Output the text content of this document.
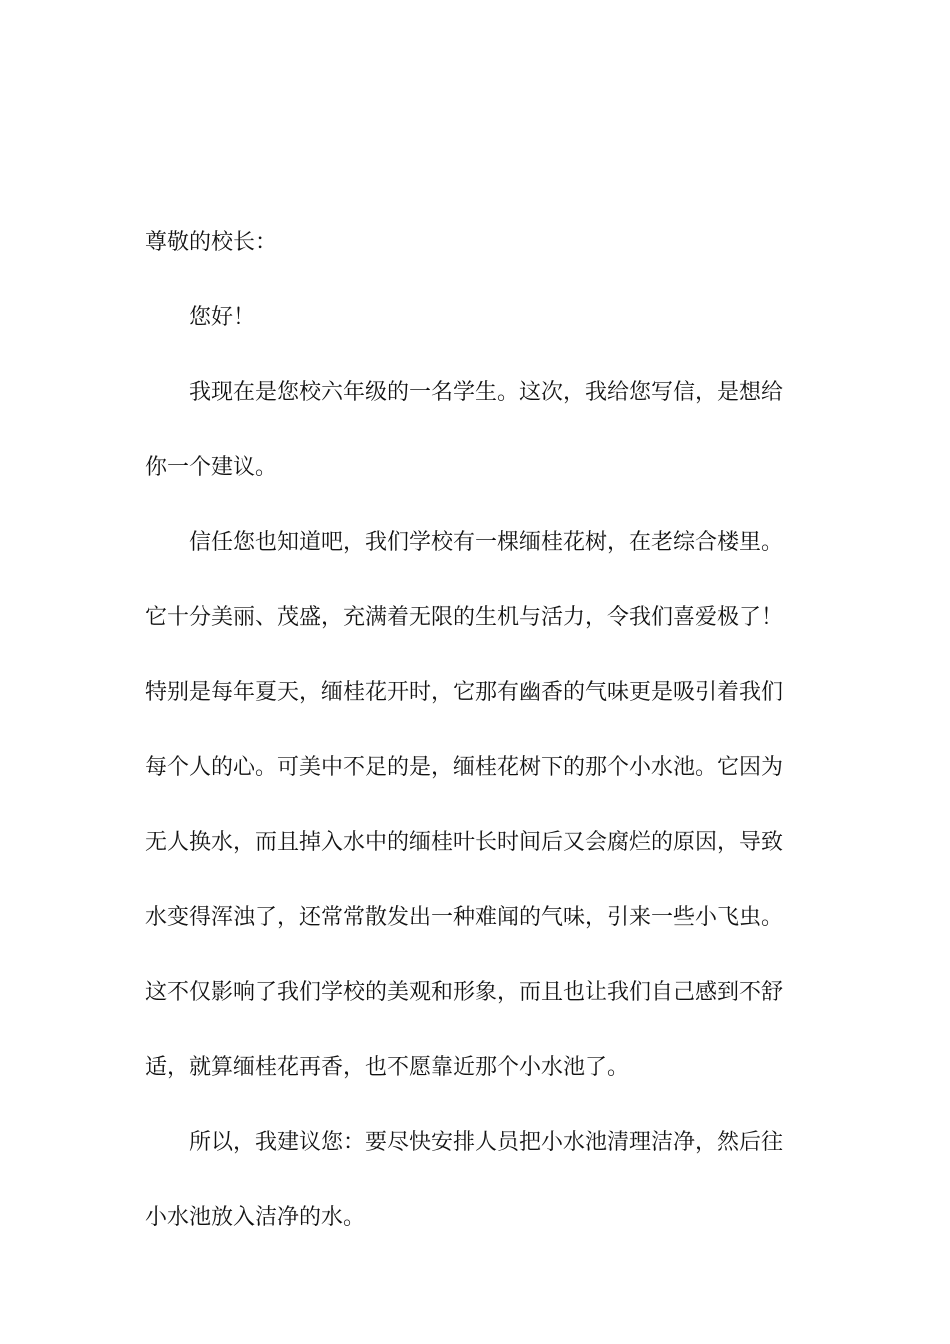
尊敬的校长：
您好！
我现在是您校六年级的一名学生。这次，我给您写信，是想给
你一个建议。
信任您也知道吧，我们学校有一棵缅桂花树，在老综合楼里。
它十分美丽、茂盛，充满着无限的生机与活力，令我们喜爱极了！
特别是每年夏天，缅桂花开时，它那有幽香的气味更是吸引着我们
每个人的心。可美中不足的是，缅桂花树下的那个小水池。它因为
无人换水，而且掉入水中的缅桂叶长时间后又会腐烂的原因，导致
水变得浑浊了，还常常散发出一种难闻的气味，引来一些小飞虫。
这不仅影响了我们学校的美观和形象，而且也让我们自己感到不舒
适，就算缅桂花再香，也不愿靠近那个小水池了。
所以，我建议您：要尽快安排人员把小水池清理洁净，然后往
小水池放入洁净的水。
